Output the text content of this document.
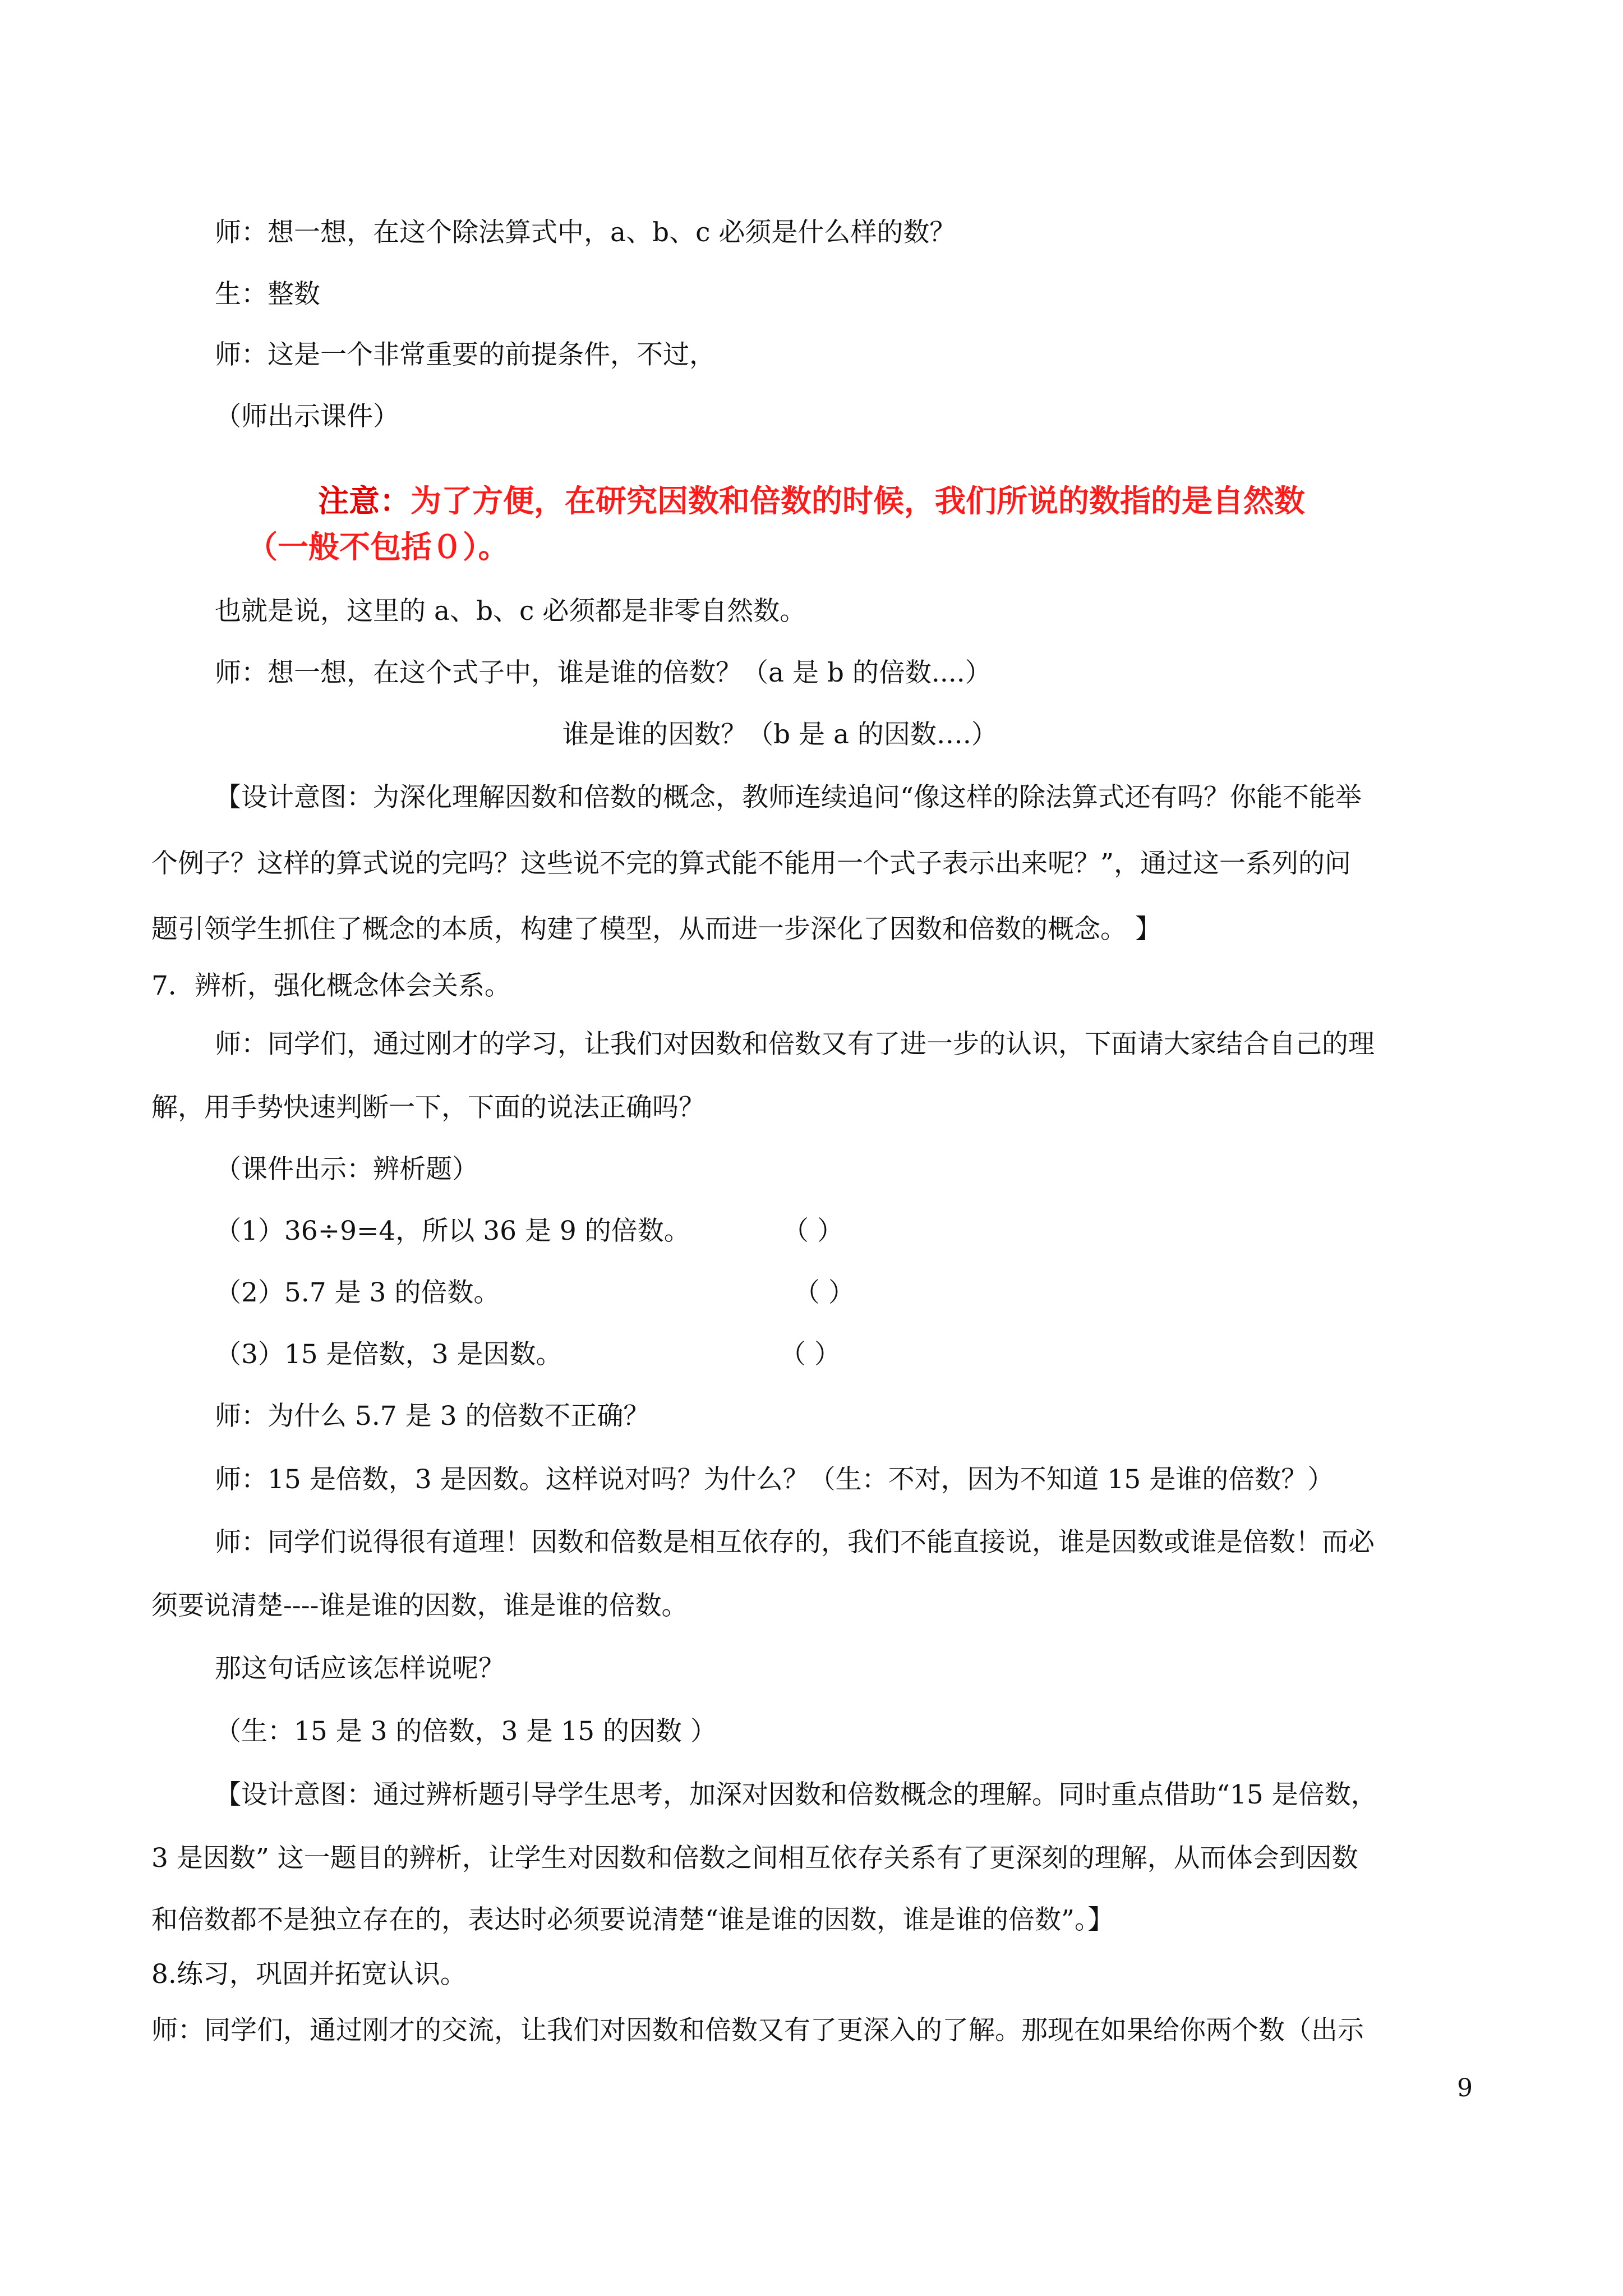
师：想一想，在这个除法算式中，a、b、c 必须是什么样的数？
生：整数
师：这是一个非常重要的前提条件，不过，
（师出示课件）
注意：为了方便，在研究因数和倍数的时候，我们所说的数指的是自然数
（一般不包括０）。
也就是说，这里的 a、b、c 必须都是非零自然数。
师：想一想，在这个式子中，谁是谁的倍数？（a 是 b 的倍数....）
谁是谁的因数？（b 是 a 的因数….）
【设计意图：为深化理解因数和倍数的概念，教师连续追问“像这样的除法算式还有吗？你能不能举
个例子？这样的算式说的完吗？这些说不完的算式能不能用一个式子表示出来呢？”，通过这一系列的问
题引领学生抓住了概念的本质，构建了模型，从而进一步深化了因数和倍数的概念。 】
7．辨析，强化概念体会关系。
师：同学们，通过刚才的学习，让我们对因数和倍数又有了进一步的认识，下面请大家结合自己的理
解，用手势快速判断一下，下面的说法正确吗？
（课件出示：辨析题）
（1）36÷9=4，所以 36 是 9 的倍数。	（ ）
（2）5.7 是 3 的倍数。	（ ）
（3）15 是倍数，3 是因数。	（ ）
师：为什么 5.7 是 3 的倍数不正确？
师：15 是倍数，3 是因数。这样说对吗？为什么？（生：不对，因为不知道 15 是谁的倍数？）
师：同学们说得很有道理！因数和倍数是相互依存的，我们不能直接说，谁是因数或谁是倍数！而必
须要说清楚----谁是谁的因数，谁是谁的倍数。
那这句话应该怎样说呢？
（生：15 是 3 的倍数，3 是 15 的因数 ）
【设计意图：通过辨析题引导学生思考，加深对因数和倍数概念的理解。同时重点借助“15 是倍数，
3 是因数” 这一题目的辨析，让学生对因数和倍数之间相互依存关系有了更深刻的理解，从而体会到因数
和倍数都不是独立存在的，表达时必须要说清楚“谁是谁的因数，谁是谁的倍数”。】
8.练习，巩固并拓宽认识。
师：同学们，通过刚才的交流，让我们对因数和倍数又有了更深入的了解。那现在如果给你两个数（出示
9
